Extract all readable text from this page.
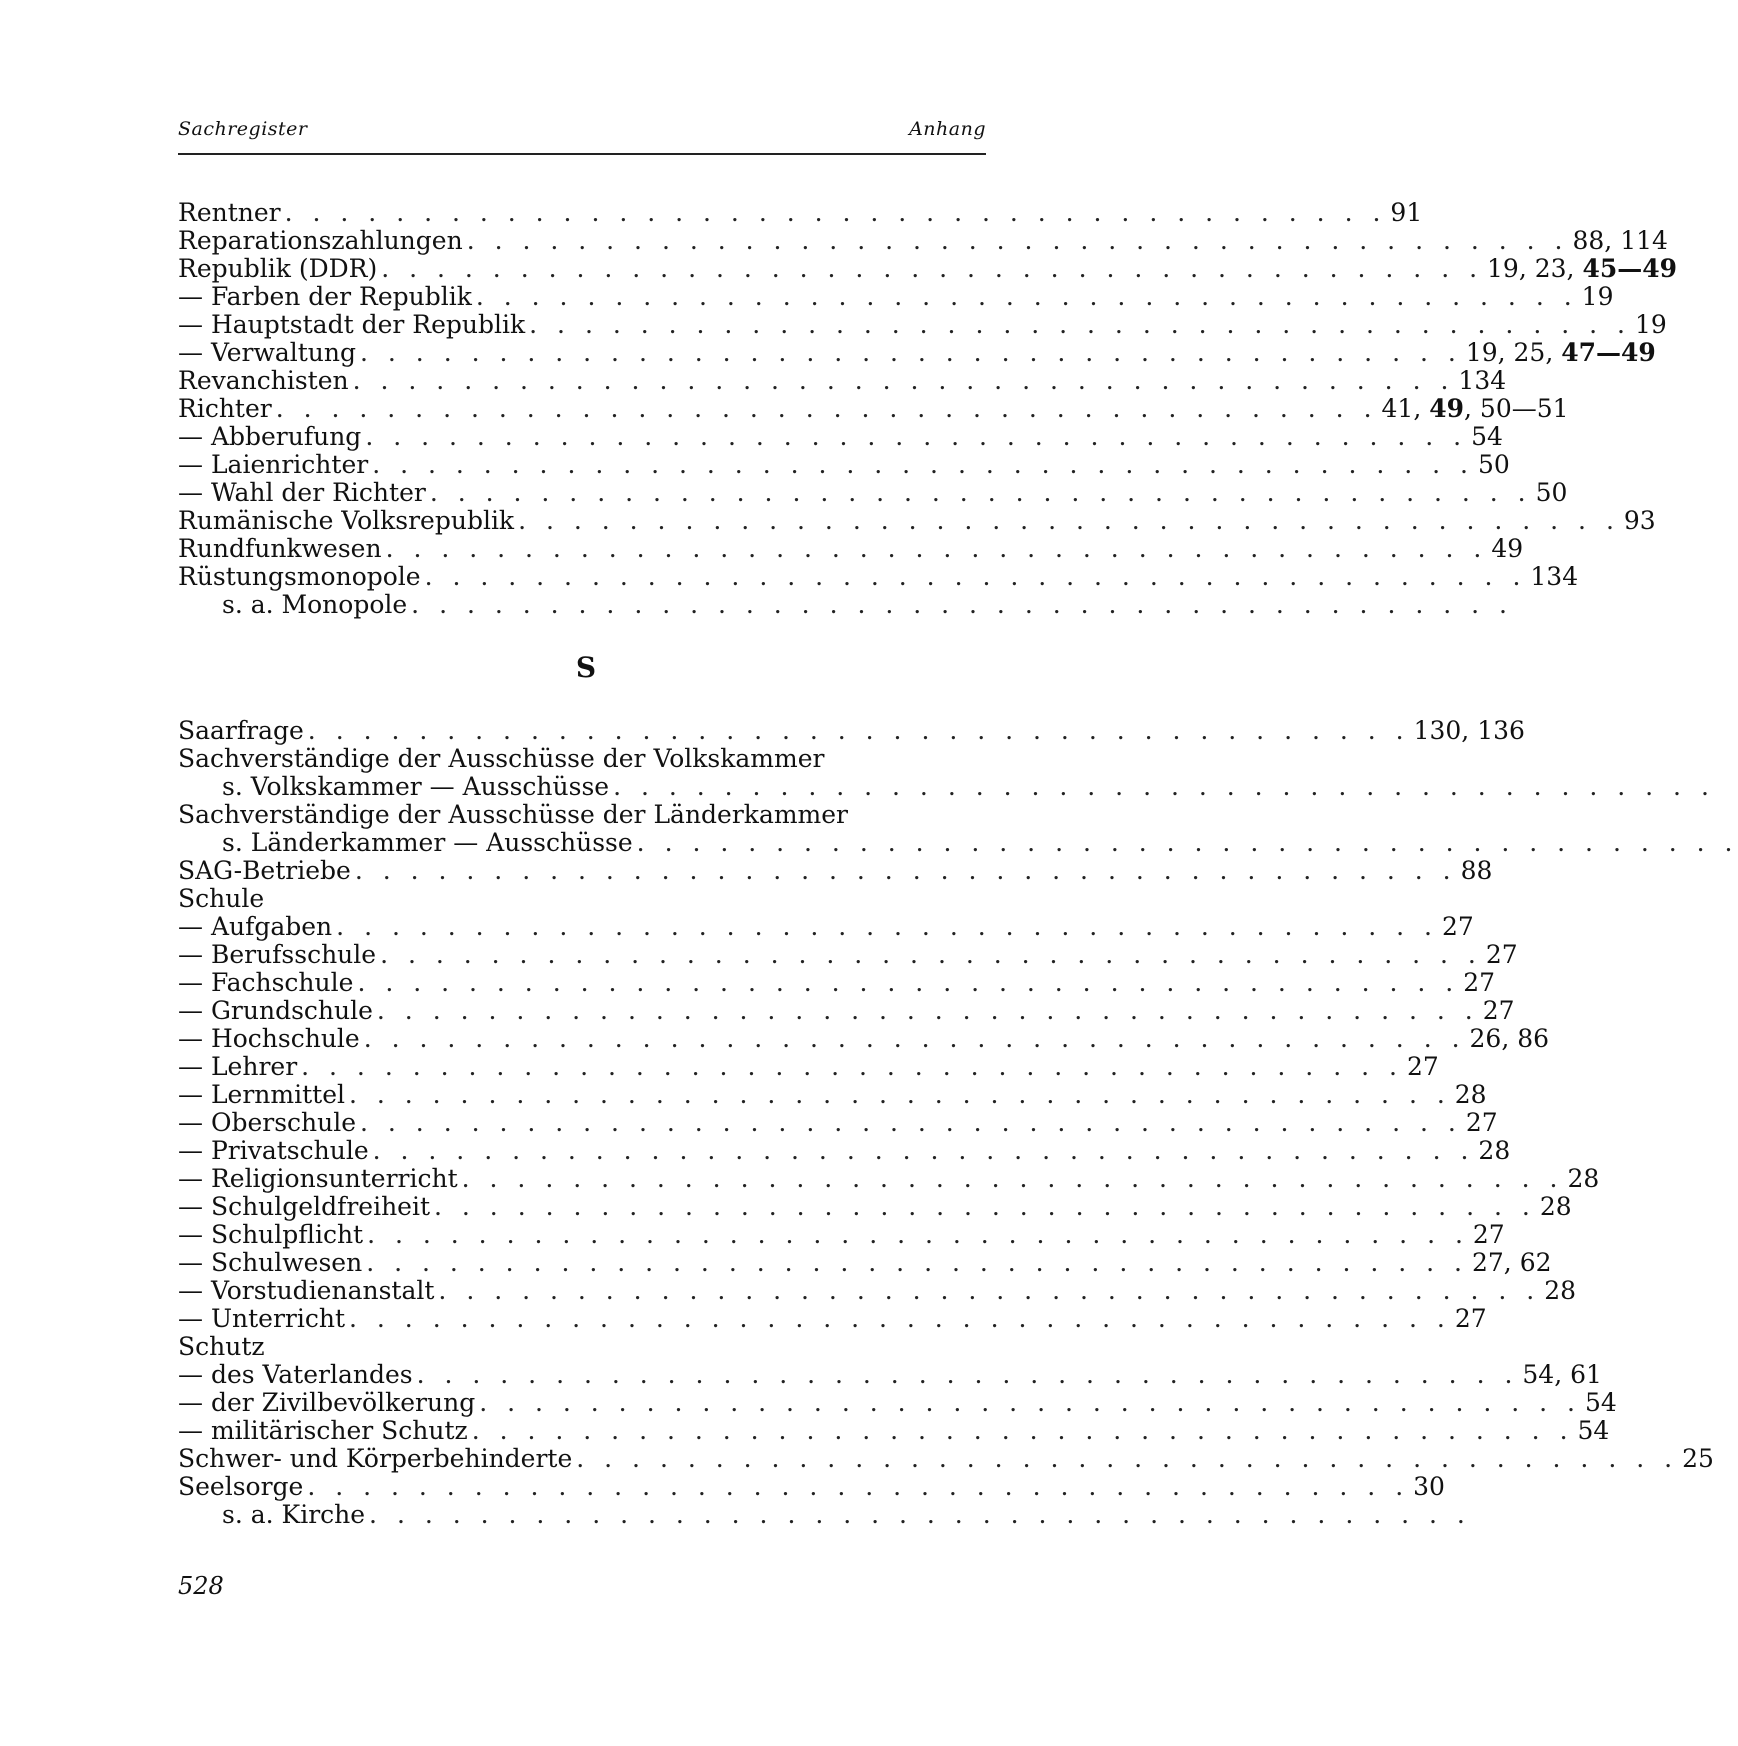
Sachregister	Anhang
Rentner . . . . . . . . . . . . . . . . . . . . . . . . . . . . . . . . . . . . . . . . 91
Reparationszahlungen . . . . . . . . . . . . . . . . . . . . . . . . . . . . . . . . . . . . . . . . 88, 114
Republik (DDR) . . . . . . . . . . . . . . . . . . . . . . . . . . . . . . . . . . . . . . . . 19, 23, 45—49
— Farben der Republik . . . . . . . . . . . . . . . . . . . . . . . . . . . . . . . . . . . . . . . . 19
— Hauptstadt der Republik . . . . . . . . . . . . . . . . . . . . . . . . . . . . . . . . . . . . . . . . 19
— Verwaltung . . . . . . . . . . . . . . . . . . . . . . . . . . . . . . . . . . . . . . . . 19, 25, 47—49
Revanchisten . . . . . . . . . . . . . . . . . . . . . . . . . . . . . . . . . . . . . . . . 134
Richter . . . . . . . . . . . . . . . . . . . . . . . . . . . . . . . . . . . . . . . . 41, 49, 50—51
— Abberufung . . . . . . . . . . . . . . . . . . . . . . . . . . . . . . . . . . . . . . . . 54
— Laienrichter . . . . . . . . . . . . . . . . . . . . . . . . . . . . . . . . . . . . . . . . 50
— Wahl der Richter . . . . . . . . . . . . . . . . . . . . . . . . . . . . . . . . . . . . . . . . 50
Rumänische Volksrepublik . . . . . . . . . . . . . . . . . . . . . . . . . . . . . . . . . . . . . . . . 93
Rundfunkwesen . . . . . . . . . . . . . . . . . . . . . . . . . . . . . . . . . . . . . . . . 49
Rüstungsmonopole . . . . . . . . . . . . . . . . . . . . . . . . . . . . . . . . . . . . . . . . 134
s. a. Monopole . . . . . . . . . . . . . . . . . . . . . . . . . . . . . . . . . . . . . . . .
S
Saarfrage . . . . . . . . . . . . . . . . . . . . . . . . . . . . . . . . . . . . . . . . 130, 136
Sachverständige der Ausschüsse der Volkskammer
s. Volkskammer — Ausschüsse . . . . . . . . . . . . . . . . . . . . . . . . . . . . . . . . . . . . . . . .
Sachverständige der Ausschüsse der Länderkammer
s. Länderkammer — Ausschüsse . . . . . . . . . . . . . . . . . . . . . . . . . . . . . . . . . . . . . . . .
SAG-Betriebe . . . . . . . . . . . . . . . . . . . . . . . . . . . . . . . . . . . . . . . . 88
Schule
— Aufgaben . . . . . . . . . . . . . . . . . . . . . . . . . . . . . . . . . . . . . . . . 27
— Berufsschule . . . . . . . . . . . . . . . . . . . . . . . . . . . . . . . . . . . . . . . . 27
— Fachschule . . . . . . . . . . . . . . . . . . . . . . . . . . . . . . . . . . . . . . . . 27
— Grundschule . . . . . . . . . . . . . . . . . . . . . . . . . . . . . . . . . . . . . . . . 27
— Hochschule . . . . . . . . . . . . . . . . . . . . . . . . . . . . . . . . . . . . . . . . 26, 86
— Lehrer . . . . . . . . . . . . . . . . . . . . . . . . . . . . . . . . . . . . . . . . 27
— Lernmittel . . . . . . . . . . . . . . . . . . . . . . . . . . . . . . . . . . . . . . . . 28
— Oberschule . . . . . . . . . . . . . . . . . . . . . . . . . . . . . . . . . . . . . . . . 27
— Privatschule . . . . . . . . . . . . . . . . . . . . . . . . . . . . . . . . . . . . . . . . 28
— Religionsunterricht . . . . . . . . . . . . . . . . . . . . . . . . . . . . . . . . . . . . . . . . 28
— Schulgeldfreiheit . . . . . . . . . . . . . . . . . . . . . . . . . . . . . . . . . . . . . . . . 28
— Schulpflicht . . . . . . . . . . . . . . . . . . . . . . . . . . . . . . . . . . . . . . . . 27
— Schulwesen . . . . . . . . . . . . . . . . . . . . . . . . . . . . . . . . . . . . . . . . 27, 62
— Vorstudienanstalt . . . . . . . . . . . . . . . . . . . . . . . . . . . . . . . . . . . . . . . . 28
— Unterricht . . . . . . . . . . . . . . . . . . . . . . . . . . . . . . . . . . . . . . . . 27
Schutz
— des Vaterlandes . . . . . . . . . . . . . . . . . . . . . . . . . . . . . . . . . . . . . . . . 54, 61
— der Zivilbevölkerung . . . . . . . . . . . . . . . . . . . . . . . . . . . . . . . . . . . . . . . . 54
— militärischer Schutz . . . . . . . . . . . . . . . . . . . . . . . . . . . . . . . . . . . . . . . . 54
Schwer- und Körperbehinderte . . . . . . . . . . . . . . . . . . . . . . . . . . . . . . . . . . . . . . . . 25
Seelsorge . . . . . . . . . . . . . . . . . . . . . . . . . . . . . . . . . . . . . . . . 30
s. a. Kirche . . . . . . . . . . . . . . . . . . . . . . . . . . . . . . . . . . . . . . . .
528
